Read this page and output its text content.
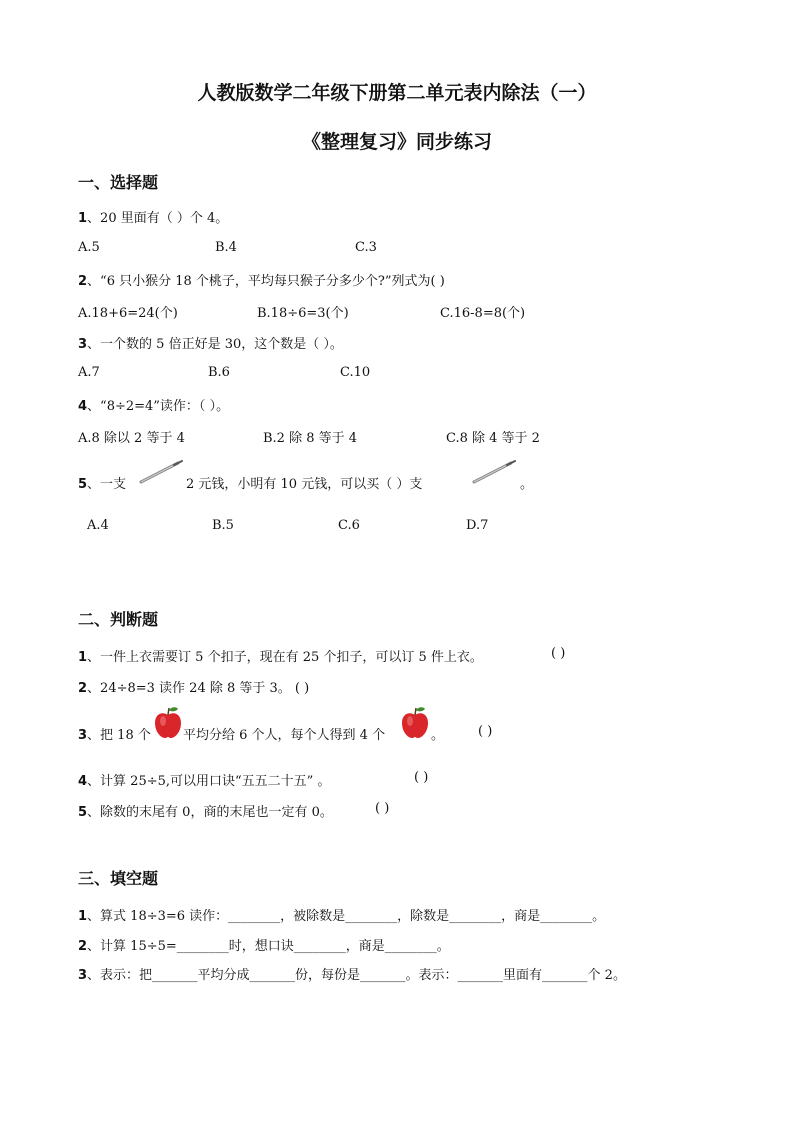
人教版数学二年级下册第二单元表内除法（一）
《整理复习》同步练习
一、选择题
1、20 里面有（ ）个 4。
A.5	B.4	C.3
2、“6 只小猴分 18 个桃子，平均每只猴子分多少个?”列式为( )
A.18+6=24(个)	B.18÷6=3(个)	C.16-8=8(个)
3、一个数的 5 倍正好是 30，这个数是（ ）。
A.7	B.6	C.10
4、“8÷2=4”读作：（ ）。
A.8 除以 2 等于 4	B.2 除 8 等于 4	C.8 除 4 等于 2
5、一支	2 元钱，小明有 10 元钱，可以买（ ）支	。
A.4	B.5	C.6	D.7
二、判断题
1、一件上衣需要订 5 个扣子，现在有 25 个扣子，可以订 5 件上衣。	( )
2、24÷8=3 读作 24 除 8 等于 3。 ( )
3、把 18 个 平均分给 6 个人，每个人得到 4 个	。	( )
4、计算 25÷5,可以用口诀“五五二十五” 。	( )
5、除数的末尾有 0，商的末尾也一定有 0。	( )
三、填空题
1、算式 18÷3=6 读作：________，被除数是________，除数是________，商是________。
2、计算 15÷5=________时，想口诀________，商是________。
3、表示：把_______平均分成_______份，每份是_______。表示：_______里面有_______个 2。
